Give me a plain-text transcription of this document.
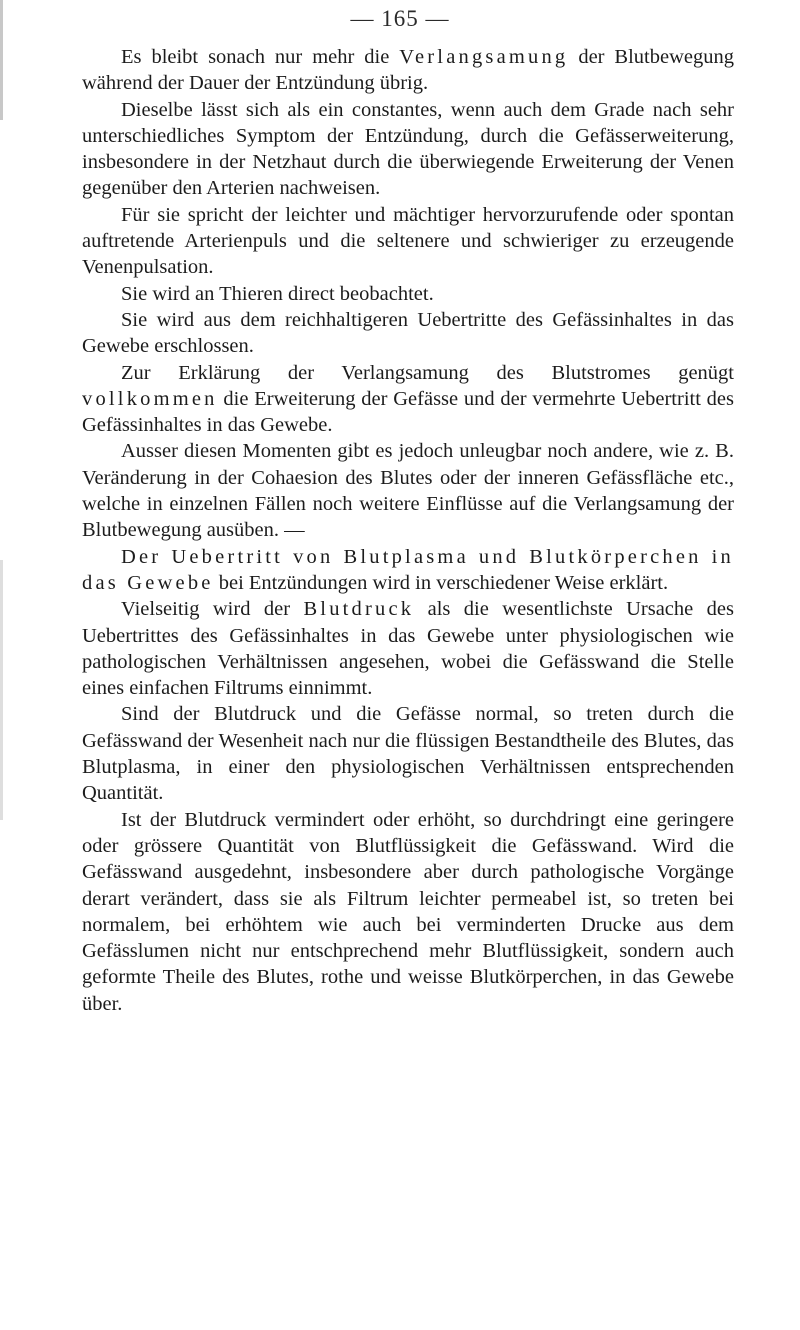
— 165 —

Es bleibt sonach nur mehr die Verlangsamung der Blutbewegung während der Dauer der Entzündung übrig.

Dieselbe lässt sich als ein constantes, wenn auch dem Grade nach sehr unterschiedliches Symptom der Entzündung, durch die Gefässerweiterung, insbesondere in der Netzhaut durch die überwiegende Erweiterung der Venen gegenüber den Arterien nachweisen.

Für sie spricht der leichter und mächtiger hervorzurufende oder spontan auftretende Arterienpuls und die seltenere und schwieriger zu erzeugende Venenpulsation.

Sie wird an Thieren direct beobachtet.

Sie wird aus dem reichhaltigeren Uebertritte des Gefässinhaltes in das Gewebe erschlossen.

Zur Erklärung der Verlangsamung des Blutstromes genügt vollkommen die Erweiterung der Gefässe und der vermehrte Uebertritt des Gefässinhaltes in das Gewebe.

Ausser diesen Momenten gibt es jedoch unleugbar noch andere, wie z. B. Veränderung in der Cohaesion des Blutes oder der inneren Gefässfläche etc., welche in einzelnen Fällen noch weitere Einflüsse auf die Verlangsamung der Blutbewegung ausüben. —

Der Uebertritt von Blutplasma und Blutkörperchen in das Gewebe bei Entzündungen wird in verschiedener Weise erklärt.

Vielseitig wird der Blutdruck als die wesentlichste Ursache des Uebertrittes des Gefässinhaltes in das Gewebe unter physiologischen wie pathologischen Verhältnissen angesehen, wobei die Gefässwand die Stelle eines einfachen Filtrums einnimmt.

Sind der Blutdruck und die Gefässe normal, so treten durch die Gefässwand der Wesenheit nach nur die flüssigen Bestandtheile des Blutes, das Blutplasma, in einer den physiologischen Verhältnissen entsprechenden Quantität.

Ist der Blutdruck vermindert oder erhöht, so durchdringt eine geringere oder grössere Quantität von Blutflüssigkeit die Gefässwand. Wird die Gefässwand ausgedehnt, insbesondere aber durch pathologische Vorgänge derart verändert, dass sie als Filtrum leichter permeabel ist, so treten bei normalem, bei erhöhtem wie auch bei verminderten Drucke aus dem Gefässlumen nicht nur entschprechend mehr Blutflüssigkeit, sondern auch geformte Theile des Blutes, rothe und weisse Blutkörperchen, in das Gewebe über.
